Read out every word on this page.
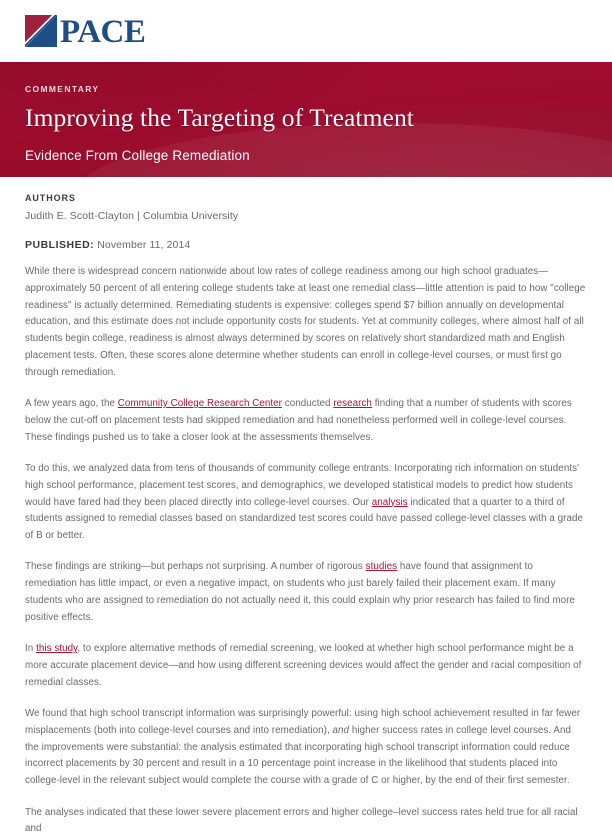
PACE
COMMENTARY
Improving the Targeting of Treatment
Evidence From College Remediation
AUTHORS
Judith E. Scott-Clayton | Columbia University
PUBLISHED: November 11, 2014

While there is widespread concern nationwide about low rates of college readiness among our high school graduates—approximately 50 percent of all entering college students take at least one remedial class—little attention is paid to how "college readiness" is actually determined. Remediating students is expensive: colleges spend $7 billion annually on developmental education, and this estimate does not include opportunity costs for students. Yet at community colleges, where almost half of all students begin college, readiness is almost always determined by scores on relatively short standardized math and English placement tests. Often, these scores alone determine whether students can enroll in college-level courses, or must first go through remediation.

A few years ago, the Community College Research Center conducted research finding that a number of students with scores below the cut-off on placement tests had skipped remediation and had nonetheless performed well in college-level courses. These findings pushed us to take a closer look at the assessments themselves.

To do this, we analyzed data from tens of thousands of community college entrants. Incorporating rich information on students' high school performance, placement test scores, and demographics, we developed statistical models to predict how students would have fared had they been placed directly into college-level courses. Our analysis indicated that a quarter to a third of students assigned to remedial classes based on standardized test scores could have passed college-level classes with a grade of B or better.

These findings are striking—but perhaps not surprising. A number of rigorous studies have found that assignment to remediation has little impact, or even a negative impact, on students who just barely failed their placement exam. If many students who are assigned to remediation do not actually need it, this could explain why prior research has failed to find more positive effects.

In this study, to explore alternative methods of remedial screening, we looked at whether high school performance might be a more accurate placement device—and how using different screening devices would affect the gender and racial composition of remedial classes.

We found that high school transcript information was surprisingly powerful: using high school achievement resulted in far fewer misplacements (both into college-level courses and into remediation), and higher success rates in college level courses. And the improvements were substantial: the analysis estimated that incorporating high school transcript information could reduce incorrect placements by 30 percent and result in a 10 percentage point increase in the likelihood that students placed into college-level in the relevant subject would complete the course with a grade of C or higher, by the end of their first semester.

The analyses indicated that these lower severe placement errors and higher college–level success rates held true for all racial and
